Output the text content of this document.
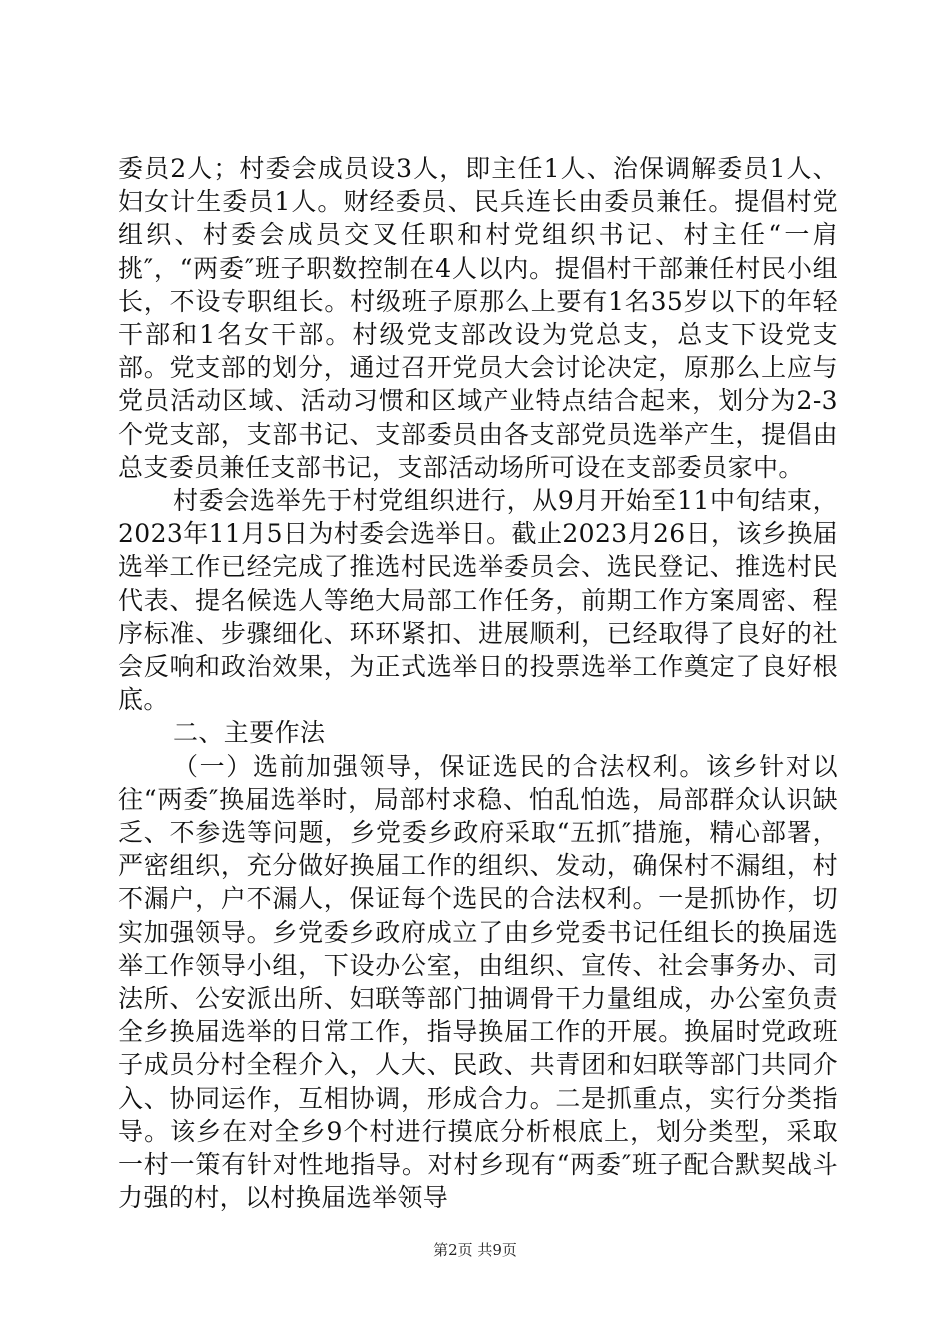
委员2人；村委会成员设3人，即主任1人、治保调解委员1人、妇女计生委员1人。财经委员、民兵连长由委员兼任。提倡村党组织、村委会成员交叉任职和村党组织书记、村主任“一肩挑″，“两委″班子职数控制在4人以内。提倡村干部兼任村民小组长，不设专职组长。村级班子原那么上要有1名35岁以下的年轻干部和1名女干部。村级党支部改设为党总支，总支下设党支部。党支部的划分，通过召开党员大会讨论决定，原那么上应与党员活动区域、活动习惯和区域产业特点结合起来，划分为2-3个党支部，支部书记、支部委员由各支部党员选举产生，提倡由总支委员兼任支部书记，支部活动场所可设在支部委员家中。

村委会选举先于村党组织进行，从9月开始至11中旬结束，2023年11月5日为村委会选举日。截止2023月26日，该乡换届选举工作已经完成了推选村民选举委员会、选民登记、推选村民代表、提名候选人等绝大局部工作任务，前期工作方案周密、程序标准、步骤细化、环环紧扣、进展顺利，已经取得了良好的社会反响和政治效果，为正式选举日的投票选举工作奠定了良好根底。

二、主要作法

（一）选前加强领导，保证选民的合法权利。该乡针对以往“两委″换届选举时，局部村求稳、怕乱怕选，局部群众认识缺乏、不参选等问题，乡党委乡政府采取“五抓″措施，精心部署，严密组织，充分做好换届工作的组织、发动，确保村不漏组，村不漏户，户不漏人，保证每个选民的合法权利。一是抓协作，切实加强领导。乡党委乡政府成立了由乡党委书记任组长的换届选举工作领导小组，下设办公室，由组织、宣传、社会事务办、司法所、公安派出所、妇联等部门抽调骨干力量组成，办公室负责全乡换届选举的日常工作，指导换届工作的开展。换届时党政班子成员分村全程介入，人大、民政、共青团和妇联等部门共同介入、协同运作，互相协调，形成合力。二是抓重点，实行分类指导。该乡在对全乡9个村进行摸底分析根底上，划分类型，采取一村一策有针对性地指导。对村乡现有“两委″班子配合默契战斗力强的村，以村换届选举领导

第2页 共9页
